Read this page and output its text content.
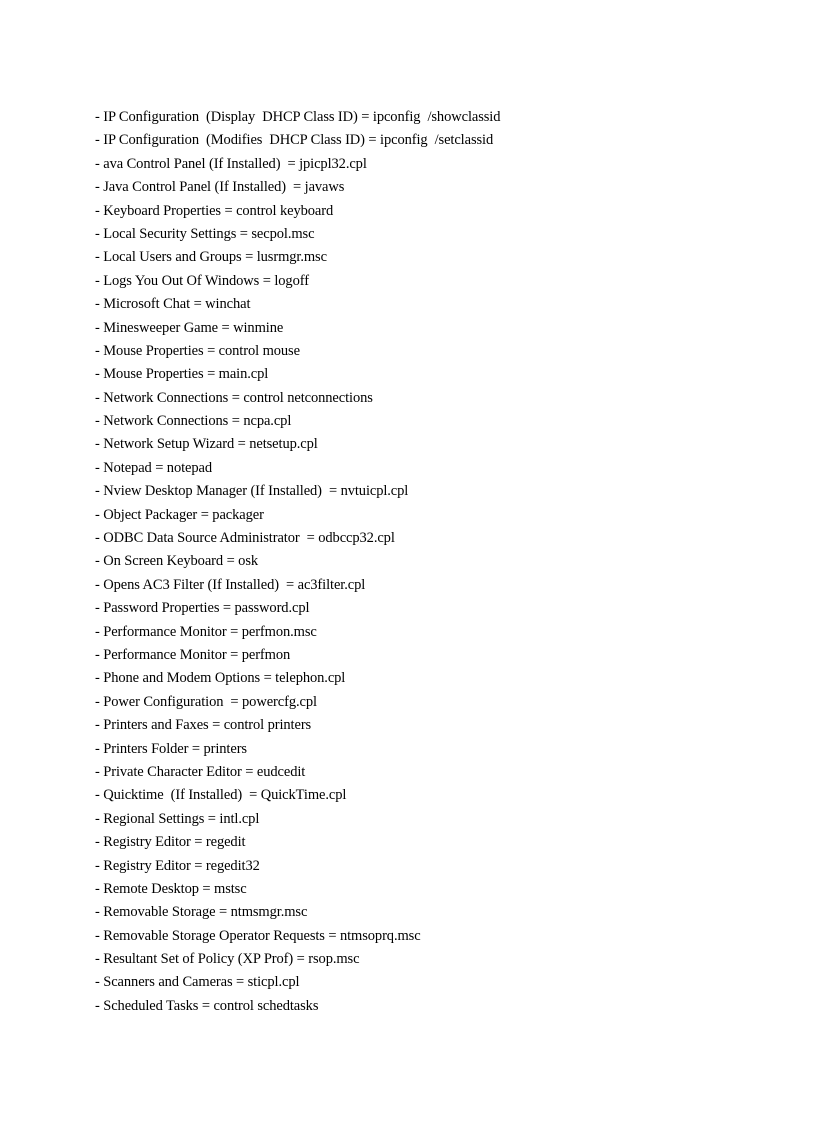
- IP Configuration  (Display  DHCP Class ID) = ipconfig  /showclassid
- IP Configuration  (Modifies  DHCP Class ID) = ipconfig  /setclassid
- ava Control Panel (If Installed)  = jpicpl32.cpl
- Java Control Panel (If Installed)  = javaws
- Keyboard Properties = control keyboard
- Local Security Settings = secpol.msc
- Local Users and Groups = lusrmgr.msc
- Logs You Out Of Windows = logoff
- Microsoft Chat = winchat
- Minesweeper Game = winmine
- Mouse Properties = control mouse
- Mouse Properties = main.cpl
- Network Connections = control netconnections
- Network Connections = ncpa.cpl
- Network Setup Wizard = netsetup.cpl
- Notepad = notepad
- Nview Desktop Manager (If Installed)  = nvtuicpl.cpl
- Object Packager = packager
- ODBC Data Source Administrator  = odbccp32.cpl
- On Screen Keyboard = osk
- Opens AC3 Filter (If Installed)  = ac3filter.cpl
- Password Properties = password.cpl
- Performance Monitor = perfmon.msc
- Performance Monitor = perfmon
- Phone and Modem Options = telephon.cpl
- Power Configuration  = powercfg.cpl
- Printers and Faxes = control printers
- Printers Folder = printers
- Private Character Editor = eudcedit
- Quicktime  (If Installed)  = QuickTime.cpl
- Regional Settings = intl.cpl
- Registry Editor = regedit
- Registry Editor = regedit32
- Remote Desktop = mstsc
- Removable Storage = ntmsmgr.msc
- Removable Storage Operator Requests = ntmsoprq.msc
- Resultant Set of Policy (XP Prof) = rsop.msc
- Scanners and Cameras = sticpl.cpl
- Scheduled Tasks = control schedtasks
